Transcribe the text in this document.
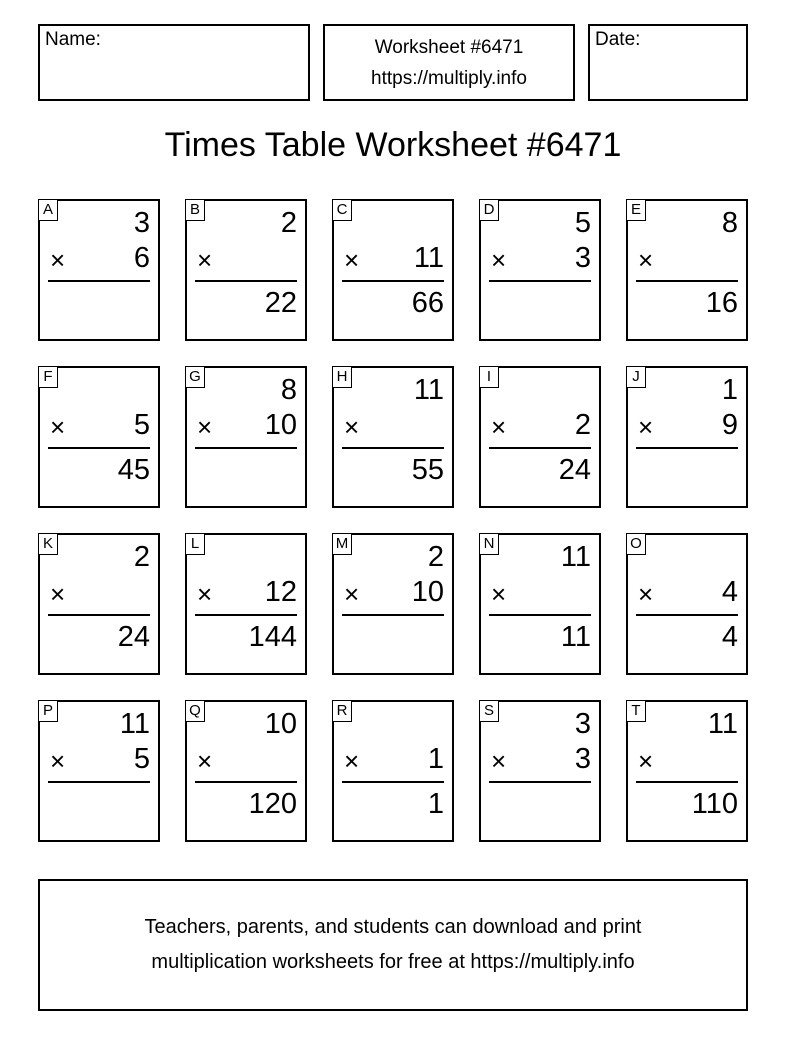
Name:	Worksheet #6471
https://multiply.info
Date:
Times Table Worksheet #6471
A	3
× 6
B	2
×
22
C
× 11
66
D	5
× 3
E	8
×
16
F
× 5
45
G	8
× 10
H 11
×
55
I
× 2
24
J	1
× 9
K	2
×
24
L
× 12
144
M	2
× 10
N 11
×
11
O
× 4
4
P 11
× 5
Q 10
×
120
R
× 1
1
S	3
× 3
T 11
×
110
Teachers, parents, and students can download and print
multiplication worksheets for free at https://multiply.info
